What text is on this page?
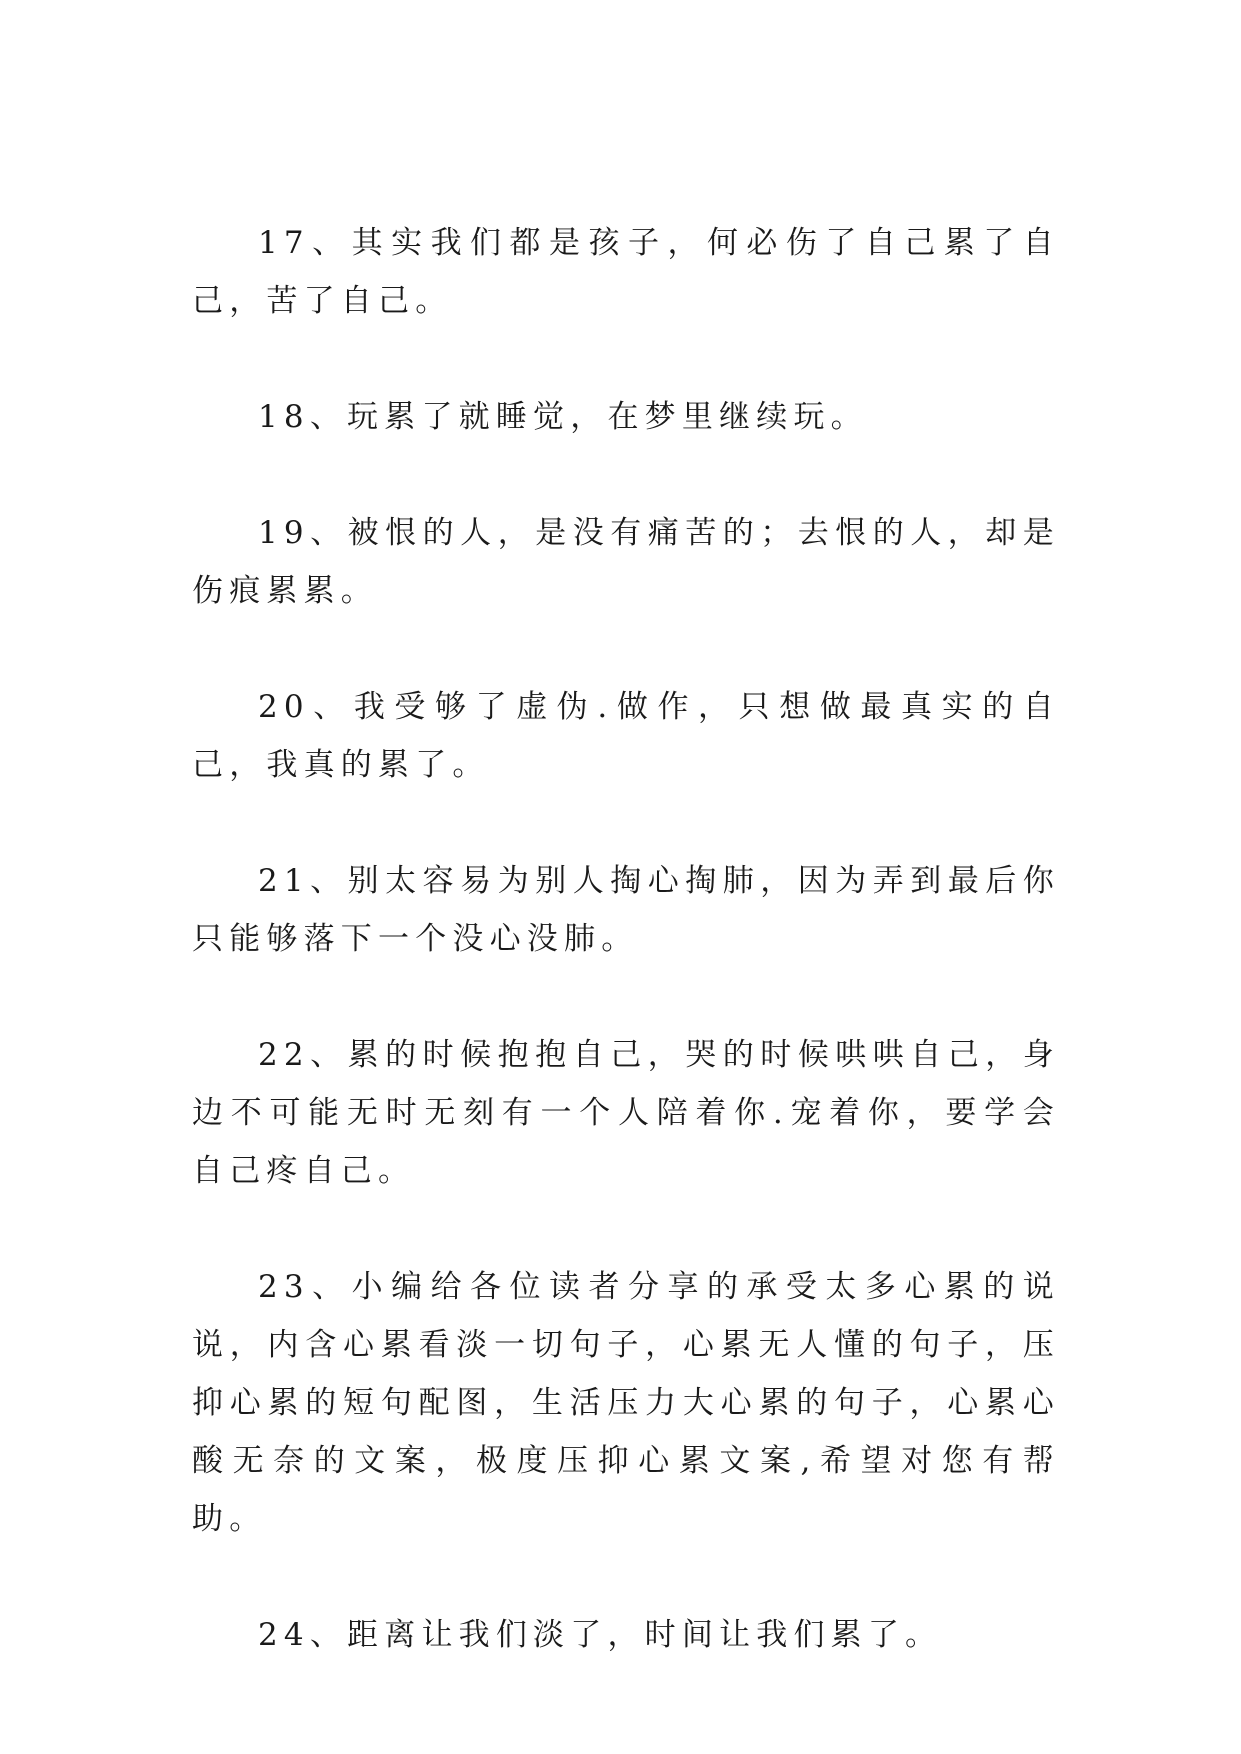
17、其实我们都是孩子，何必伤了自己累了自己，苦了自己。

18、玩累了就睡觉，在梦里继续玩。

19、被恨的人，是没有痛苦的；去恨的人，却是伤痕累累。

20、我受够了虚伪.做作，只想做最真实的自己，我真的累了。

21、别太容易为别人掏心掏肺，因为弄到最后你只能够落下一个没心没肺。

22、累的时候抱抱自己，哭的时候哄哄自己，身边不可能无时无刻有一个人陪着你.宠着你，要学会自己疼自己。

23、小编给各位读者分享的承受太多心累的说说，内含心累看淡一切句子，心累无人懂的句子，压抑心累的短句配图，生活压力大心累的句子，心累心酸无奈的文案，极度压抑心累文案,希望对您有帮助。

24、距离让我们淡了，时间让我们累了。
